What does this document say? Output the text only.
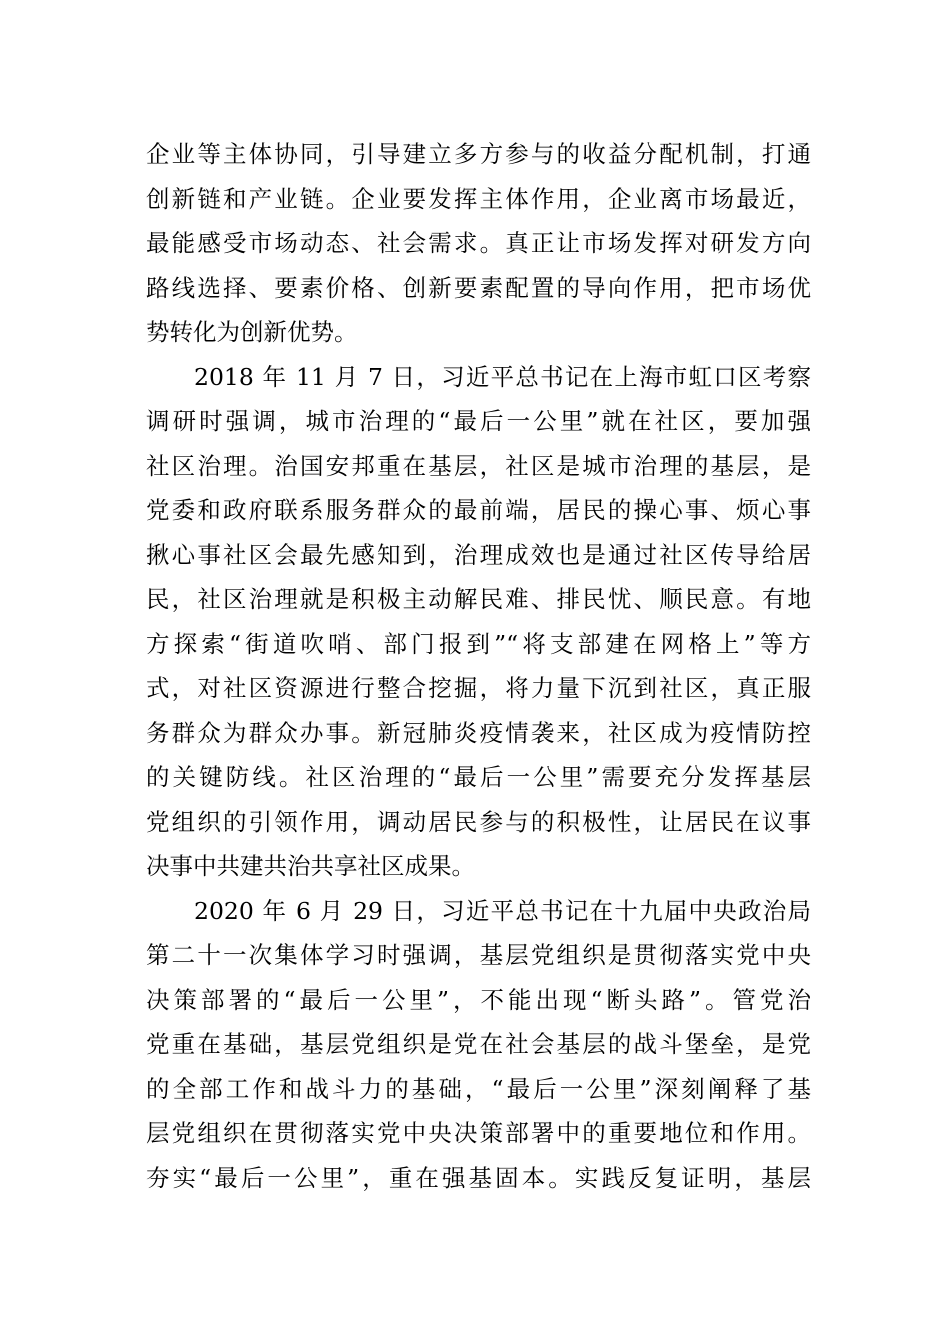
企业等主体协同，引导建立多方参与的收益分配机制，打通
创新链和产业链。企业要发挥主体作用，企业离市场最近，
最能感受市场动态、社会需求。真正让市场发挥对研发方向
路线选择、要素价格、创新要素配置的导向作用，把市场优
势转化为创新优势。
2018 年 11 月 7 日，习近平总书记在上海市虹口区考察
调研时强调，城市治理的“最后一公里”就在社区，要加强
社区治理。治国安邦重在基层，社区是城市治理的基层，是
党委和政府联系服务群众的最前端，居民的操心事、烦心事
揪心事社区会最先感知到，治理成效也是通过社区传导给居
民，社区治理就是积极主动解民难、排民忧、顺民意。有地
方探索“街道吹哨、部门报到”“将支部建在网格上”等方
式，对社区资源进行整合挖掘，将力量下沉到社区，真正服
务群众为群众办事。新冠肺炎疫情袭来，社区成为疫情防控
的关键防线。社区治理的“最后一公里”需要充分发挥基层
党组织的引领作用，调动居民参与的积极性，让居民在议事
决事中共建共治共享社区成果。
2020 年 6 月 29 日，习近平总书记在十九届中央政治局
第二十一次集体学习时强调，基层党组织是贯彻落实党中央
决策部署的“最后一公里”，不能出现“断头路”。管党治
党重在基础，基层党组织是党在社会基层的战斗堡垒，是党
的全部工作和战斗力的基础，“最后一公里”深刻阐释了基
层党组织在贯彻落实党中央决策部署中的重要地位和作用。
夯实“最后一公里”，重在强基固本。实践反复证明，基层
